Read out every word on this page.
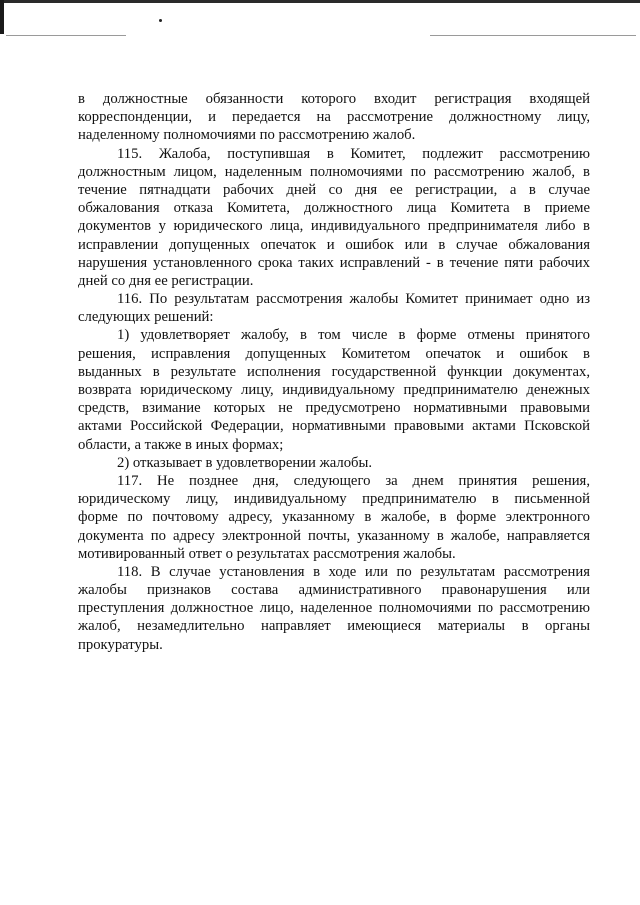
в должностные обязанности которого входит регистрация входящей
корреспонденции, и передается на рассмотрение должностному лицу,
наделенному полномочиями по рассмотрению жалоб.

115. Жалоба, поступившая в Комитет, подлежит рассмотрению
должностным лицом, наделенным полномочиями по рассмотрению жалоб, в
течение пятнадцати рабочих дней со дня ее регистрации, а в случае
обжалования отказа Комитета, должностного лица Комитета в приеме
документов у юридического лица, индивидуального предпринимателя либо в
исправлении допущенных опечаток и ошибок или в случае обжалования
нарушения установленного срока таких исправлений - в течение пяти рабочих
дней со дня ее регистрации.

116. По результатам рассмотрения жалобы Комитет принимает одно из
следующих решений:

1) удовлетворяет жалобу, в том числе в форме отмены принятого
решения, исправления допущенных Комитетом опечаток и ошибок в
выданных в результате исполнения государственной функции документах,
возврата юридическому лицу, индивидуальному предпринимателю денежных
средств, взимание которых не предусмотрено нормативными правовыми
актами Российской Федерации, нормативными правовыми актами Псковской
области, а также в иных формах;

2) отказывает в удовлетворении жалобы.

117. Не позднее дня, следующего за днем принятия решения,
юридическому лицу, индивидуальному предпринимателю в письменной
форме по почтовому адресу, указанному в жалобе, в форме электронного
документа по адресу электронной почты, указанному в жалобе, направляется
мотивированный ответ о результатах рассмотрения жалобы.

118. В случае установления в ходе или по результатам рассмотрения
жалобы признаков состава административного правонарушения или
преступления должностное лицо, наделенное полномочиями по рассмотрению
жалоб, незамедлительно направляет имеющиеся материалы в органы
прокуратуры.
